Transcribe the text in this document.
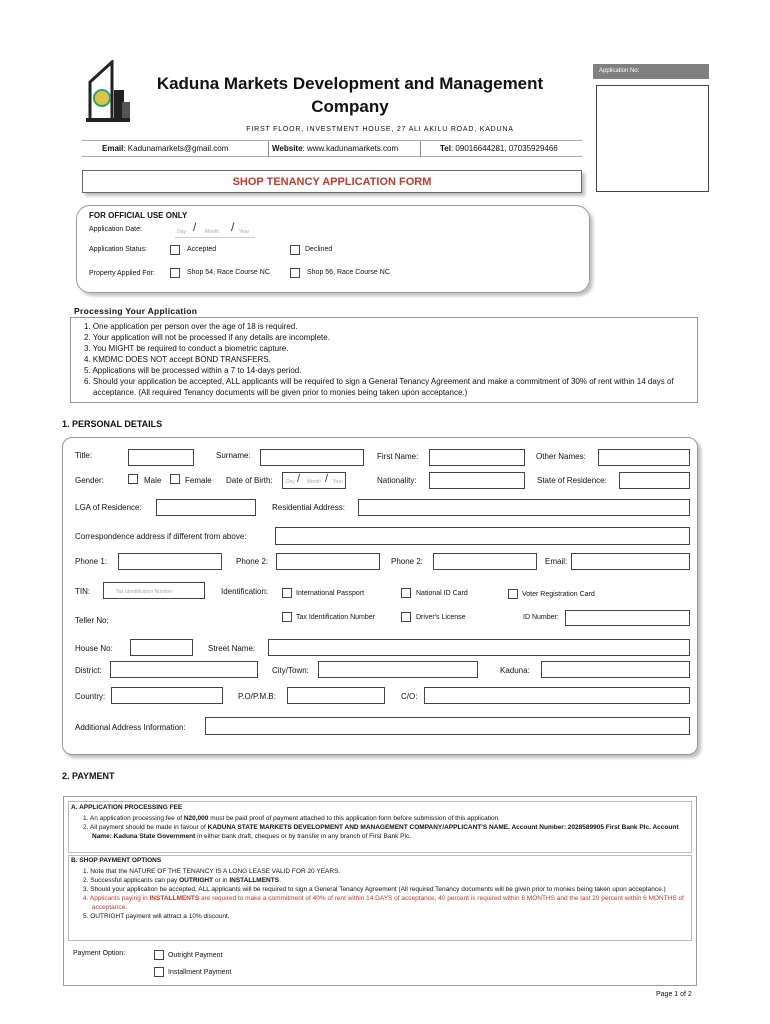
Kaduna Markets Development and Management
Company
FIRST FLOOR, INVESTMENT HOUSE, 27 ALI AKILU ROAD, KADUNA
Email: Kadunamarkets@gmail.com	Website: www.kadunamarkets.com	Tel: 09016644281, 07035929466
Application No:
SHOP TENANCY APPLICATION FORM
FOR OFFICIAL USE ONLY
Application Date:	Day / Month / Year
Application Status:	Accepted	Declined
Property Applied For:	Shop 54, Race Course NC	Shop 56, Race Course NC
Processing Your Application
1. One application per person over the age of 18 is required.
2. Your application will not be processed if any details are incomplete.
3. You MIGHT be required to conduct a biometric capture.
4. KMDMC DOES NOT accept BOND TRANSFERS.
5. Applications will be processed within a 7 to 14-days period.
6. Should your application be accepted, ALL applicants will be required to sign a General Tenancy Agreement and make a commitment of 30% of rent within 14 days of acceptance. (All required Tenancy documents will be given prior to monies being taken upon acceptance.)
1. PERSONAL DETAILS
Title:	Surname:	First Name:	Other Names:
Gender:	Male	Female Date of Birth:	Day / Month / Year	Nationality:	State of Residence:
LGA of Residence:	Residential Address:
Correspondence address if different from above:
Phone 1:	Phone 2:	Phone 2:	Email:
TIN:	Tax Identification Number	Identification:	International Passport	National ID Card	Voter Registration Card
Teller No;	Tax Identification Number	Driver's License	ID Number:
House No:	Street Name:
District:	City/Town:	Kaduna:
Country:	P.O/P.M.B:	C/O:
Additional Address Information:
2. PAYMENT
A. APPLICATION PROCESSING FEE
1. An application processing fee of N20,000 must be paid proof of payment attached to this application form before submission of this application.
2. All payment should be made in favour of KADUNA STATE MARKETS DEVELOPMENT AND MANAGEMENT COMPANY/APPLICANT'S NAME. Account Number: 2028589905 First Bank Plc. Account Name: Kaduna State Government in either bank draft, cheques or by transfer in any branch of First Bank Plc.
B. SHOP PAYMENT OPTIONS
1. Note that the NATURE OF THE TENANCY IS A LONG LEASE VALID FOR 20 YEARS.
2. Successful applicants can pay OUTRIGHT or in INSTALLMENTS.
3. Should your application be accepted, ALL applicants will be required to sign a General Tenancy Agreement (All required Tenancy documents will be given prior to monies being taken upon acceptance.)
4. Applicants paying in INSTALLMENTS are required to make a commitment of 40% of rent within 14 DAYS of acceptance, 40 percent is required within 6 MONTHS and the last 20 percent within 6 MONTHS of acceptance.
5. OUTRIGHT payment will attract a 10% discount.
Payment Option:	Outright Payment
Installment Payment
Page 1 of 2
